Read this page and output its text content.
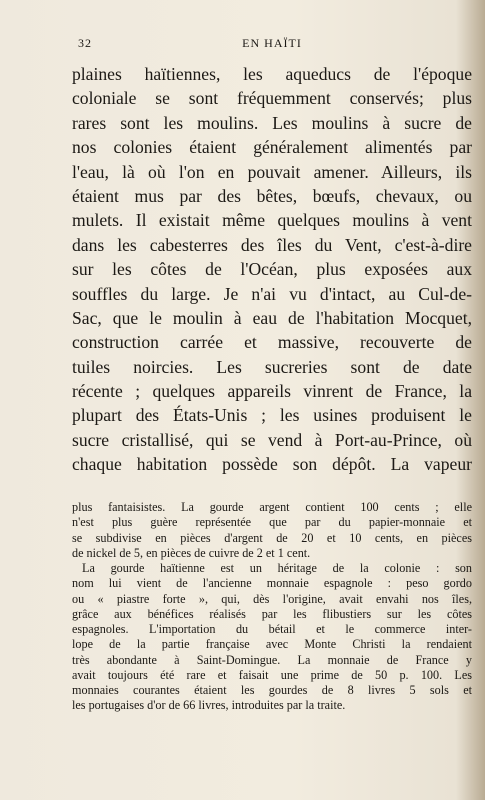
32	EN HAÏTI
plaines haïtiennes, les aqueducs de l'époque
coloniale se sont fréquemment conservés; plus
rares sont les moulins. Les moulins à sucre de
nos colonies étaient généralement alimentés par
l'eau, là où l'on en pouvait amener. Ailleurs, ils
étaient mus par des bêtes, bœufs, chevaux, ou
mulets. Il existait même quelques moulins à vent
dans les cabesterres des îles du Vent, c'est-à-dire
sur les côtes de l'Océan, plus exposées aux
souffles du large. Je n'ai vu d'intact, au Cul-de-
Sac, que le moulin à eau de l'habitation Mocquet,
construction carrée et massive, recouverte de
tuiles noircies. Les sucreries sont de date
récente ; quelques appareils vinrent de France, la
plupart des États-Unis ; les usines produisent le
sucre cristallisé, qui se vend à Port-au-Prince, où
chaque habitation possède son dépôt. La vapeur
plus fantaisistes. La gourde argent contient 100 cents ; elle
n'est plus guère représentée que par du papier-monnaie et
se subdivise en pièces d'argent de 20 et 10 cents, en pièces
de nickel de 5, en pièces de cuivre de 2 et 1 cent.
La gourde haïtienne est un héritage de la colonie : son
nom lui vient de l'ancienne monnaie espagnole : peso gordo
ou « piastre forte », qui, dès l'origine, avait envahi nos îles,
grâce aux bénéfices réalisés par les flibustiers sur les côtes
espagnoles. L'importation du bétail et le commerce inter-
lope de la partie française avec Monte Christi la rendaient
très abondante à Saint-Domingue. La monnaie de France y
avait toujours été rare et faisait une prime de 50 p. 100. Les
monnaies courantes étaient les gourdes de 8 livres 5 sols et
les portugaises d'or de 66 livres, introduites par la traite.
